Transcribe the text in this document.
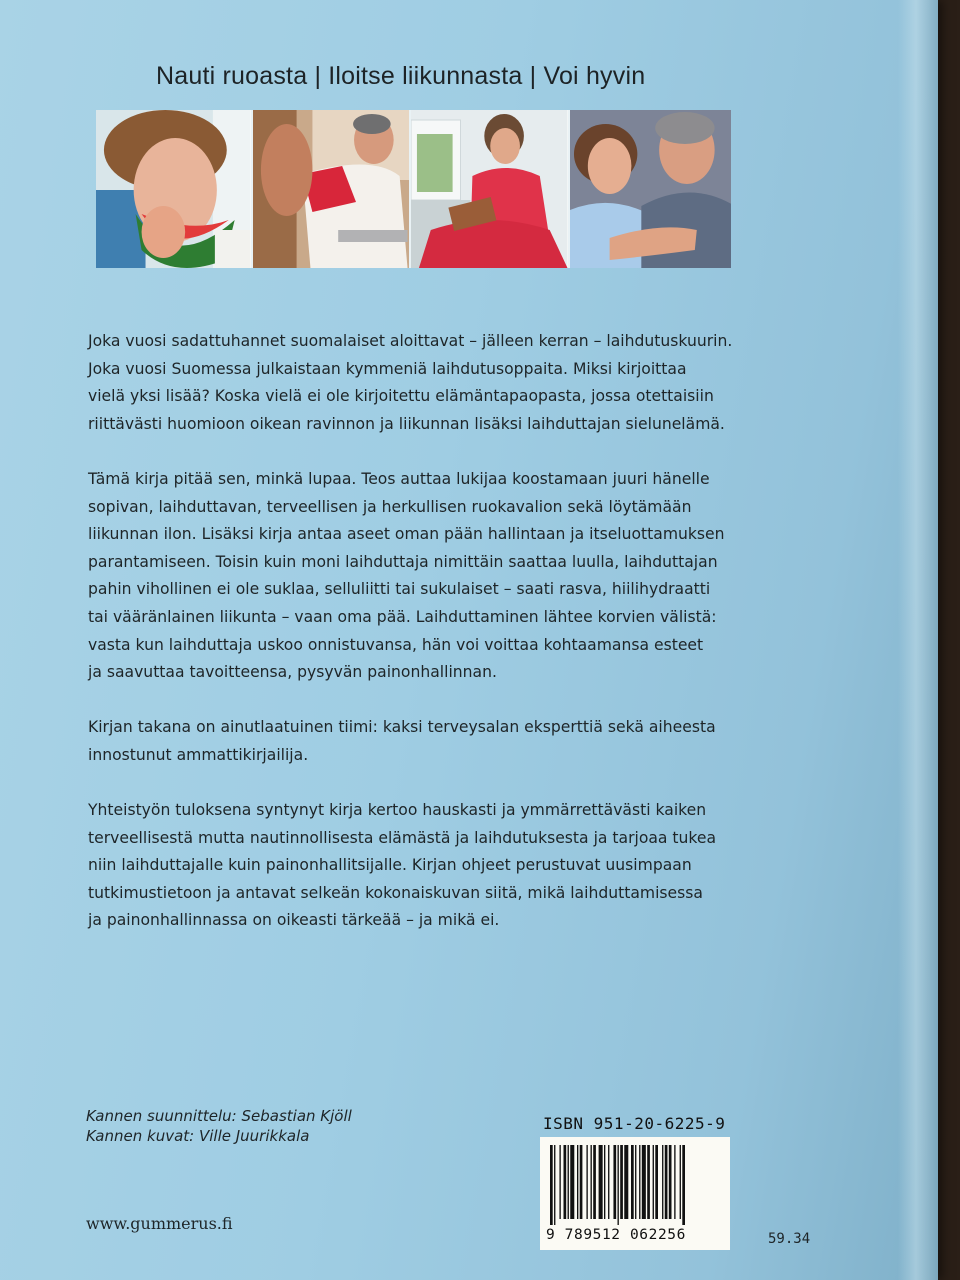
Nauti ruoasta | Iloitse liikunnasta | Voi hyvin

Joka vuosi sadattuhannet suomalaiset aloittavat – jälleen kerran – laihdutuskuurin.
Joka vuosi Suomessa julkaistaan kymmeniä laihdutusoppaita. Miksi kirjoittaa
vielä yksi lisää? Koska vielä ei ole kirjoitettu elämäntapaopasta, jossa otettaisiin
riittävästi huomioon oikean ravinnon ja liikunnan lisäksi laihduttajan sielunelämä.

Tämä kirja pitää sen, minkä lupaa. Teos auttaa lukijaa koostamaan juuri hänelle
sopivan, laihduttavan, terveellisen ja herkullisen ruokavalion sekä löytämään
liikunnan ilon. Lisäksi kirja antaa aseet oman pään hallintaan ja itseluottamuksen
parantamiseen. Toisin kuin moni laihduttaja nimittäin saattaa luulla, laihduttajan
pahin vihollinen ei ole suklaa, selluliitti tai sukulaiset – saati rasva, hiilihydraatti
tai vääränlainen liikunta – vaan oma pää. Laihduttaminen lähtee korvien välistä:
vasta kun laihduttaja uskoo onnistuvansa, hän voi voittaa kohtaamansa esteet
ja saavuttaa tavoitteensa, pysyvän painonhallinnan.

Kirjan takana on ainutlaatuinen tiimi: kaksi terveysalan eksperttiä sekä aiheesta
innostunut ammattikirjailija.

Yhteistyön tuloksena syntynyt kirja kertoo hauskasti ja ymmärrettävästi kaiken
terveellisestä mutta nautinnollisesta elämästä ja laihdutuksesta ja tarjoaa tukea
niin laihduttajalle kuin painonhallitsijalle. Kirjan ohjeet perustuvat uusimpaan
tutkimustietoon ja antavat selkeän kokonaiskuvan siitä, mikä laihduttamisessa
ja painonhallinnassa on oikeasti tärkeää – ja mikä ei.

Kannen suunnittelu: Sebastian Kjöll
Kannen kuvat: Ville Juurikkala
www.gummerus.fi
ISBN 951-20-6225-9
9 789512 062256	59.34
